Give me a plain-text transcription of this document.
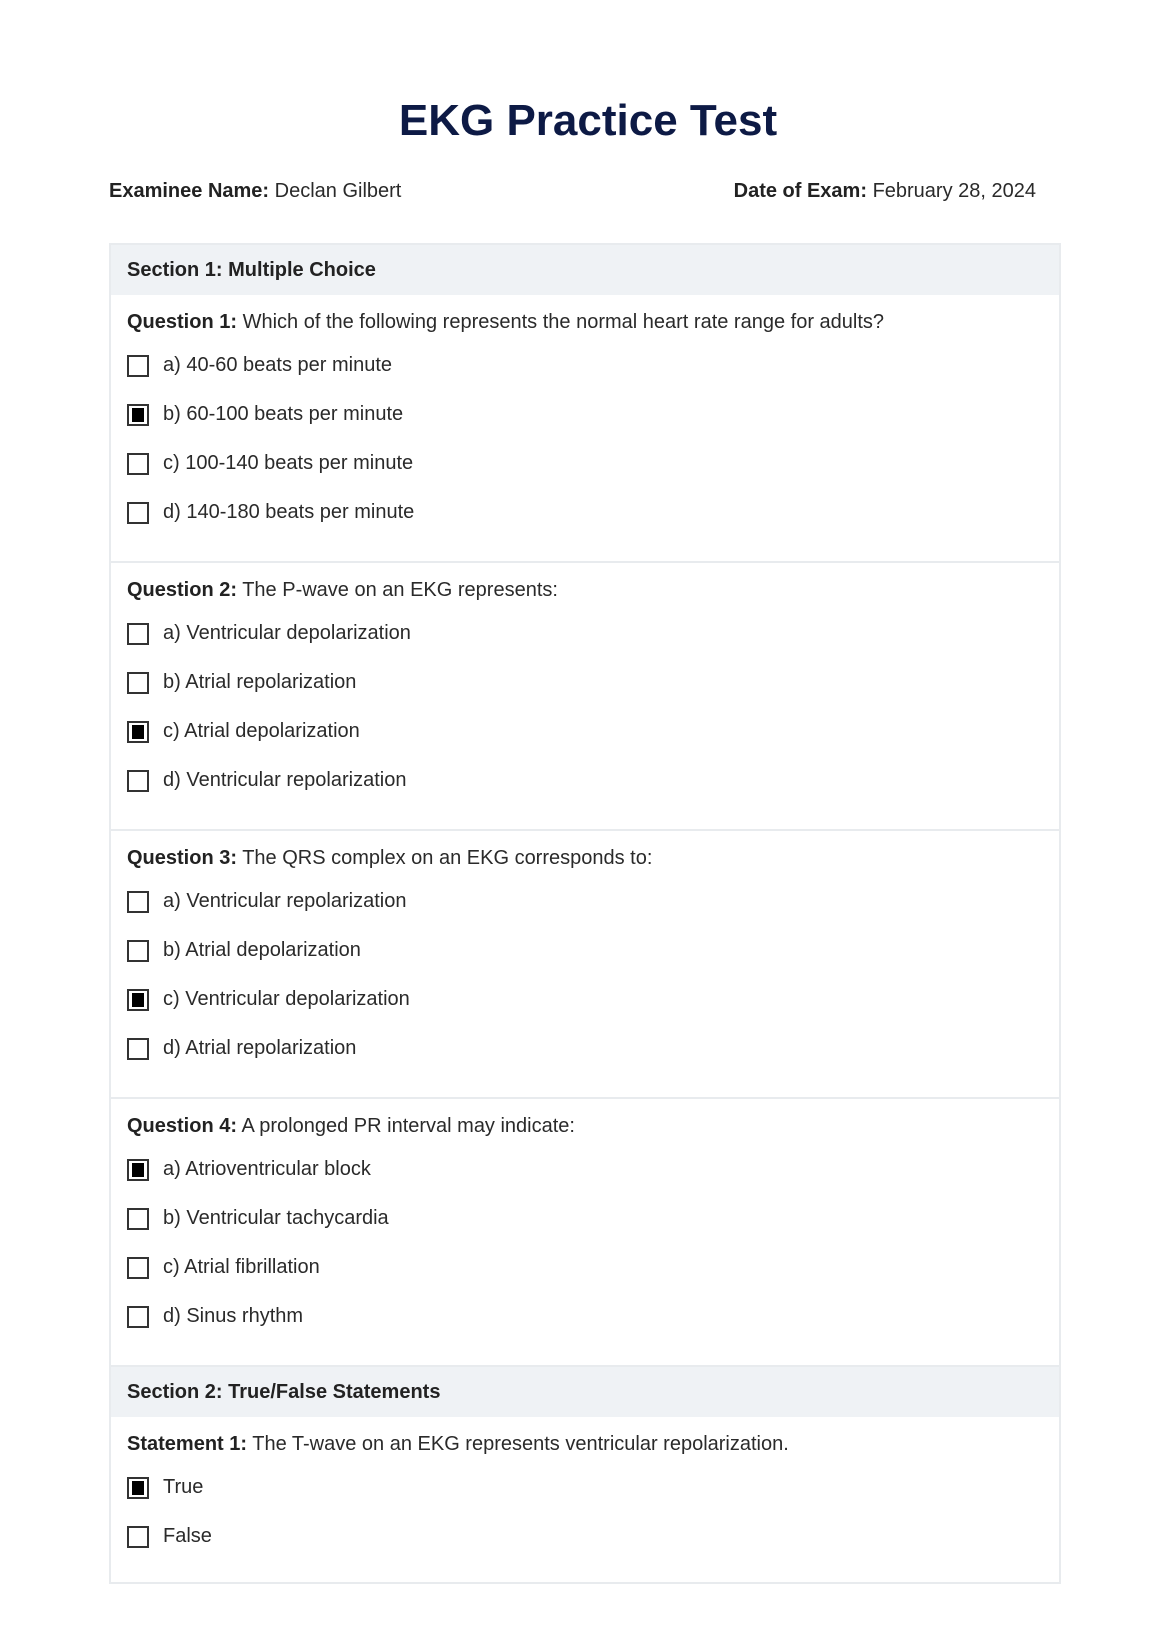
EKG Practice Test
Examinee Name: Declan Gilbert	Date of Exam: February 28, 2024
Section 1: Multiple Choice
Question 1: Which of the following represents the normal heart rate range for adults?
a) 40-60 beats per minute
b) 60-100 beats per minute
c) 100-140 beats per minute
d) 140-180 beats per minute
Question 2: The P-wave on an EKG represents:
a) Ventricular depolarization
b) Atrial repolarization
c) Atrial depolarization
d) Ventricular repolarization
Question 3: The QRS complex on an EKG corresponds to:
a) Ventricular repolarization
b) Atrial depolarization
c) Ventricular depolarization
d) Atrial repolarization
Question 4: A prolonged PR interval may indicate:
a) Atrioventricular block
b) Ventricular tachycardia
c) Atrial fibrillation
d) Sinus rhythm
Section 2: True/False Statements
Statement 1: The T-wave on an EKG represents ventricular repolarization.
True
False
